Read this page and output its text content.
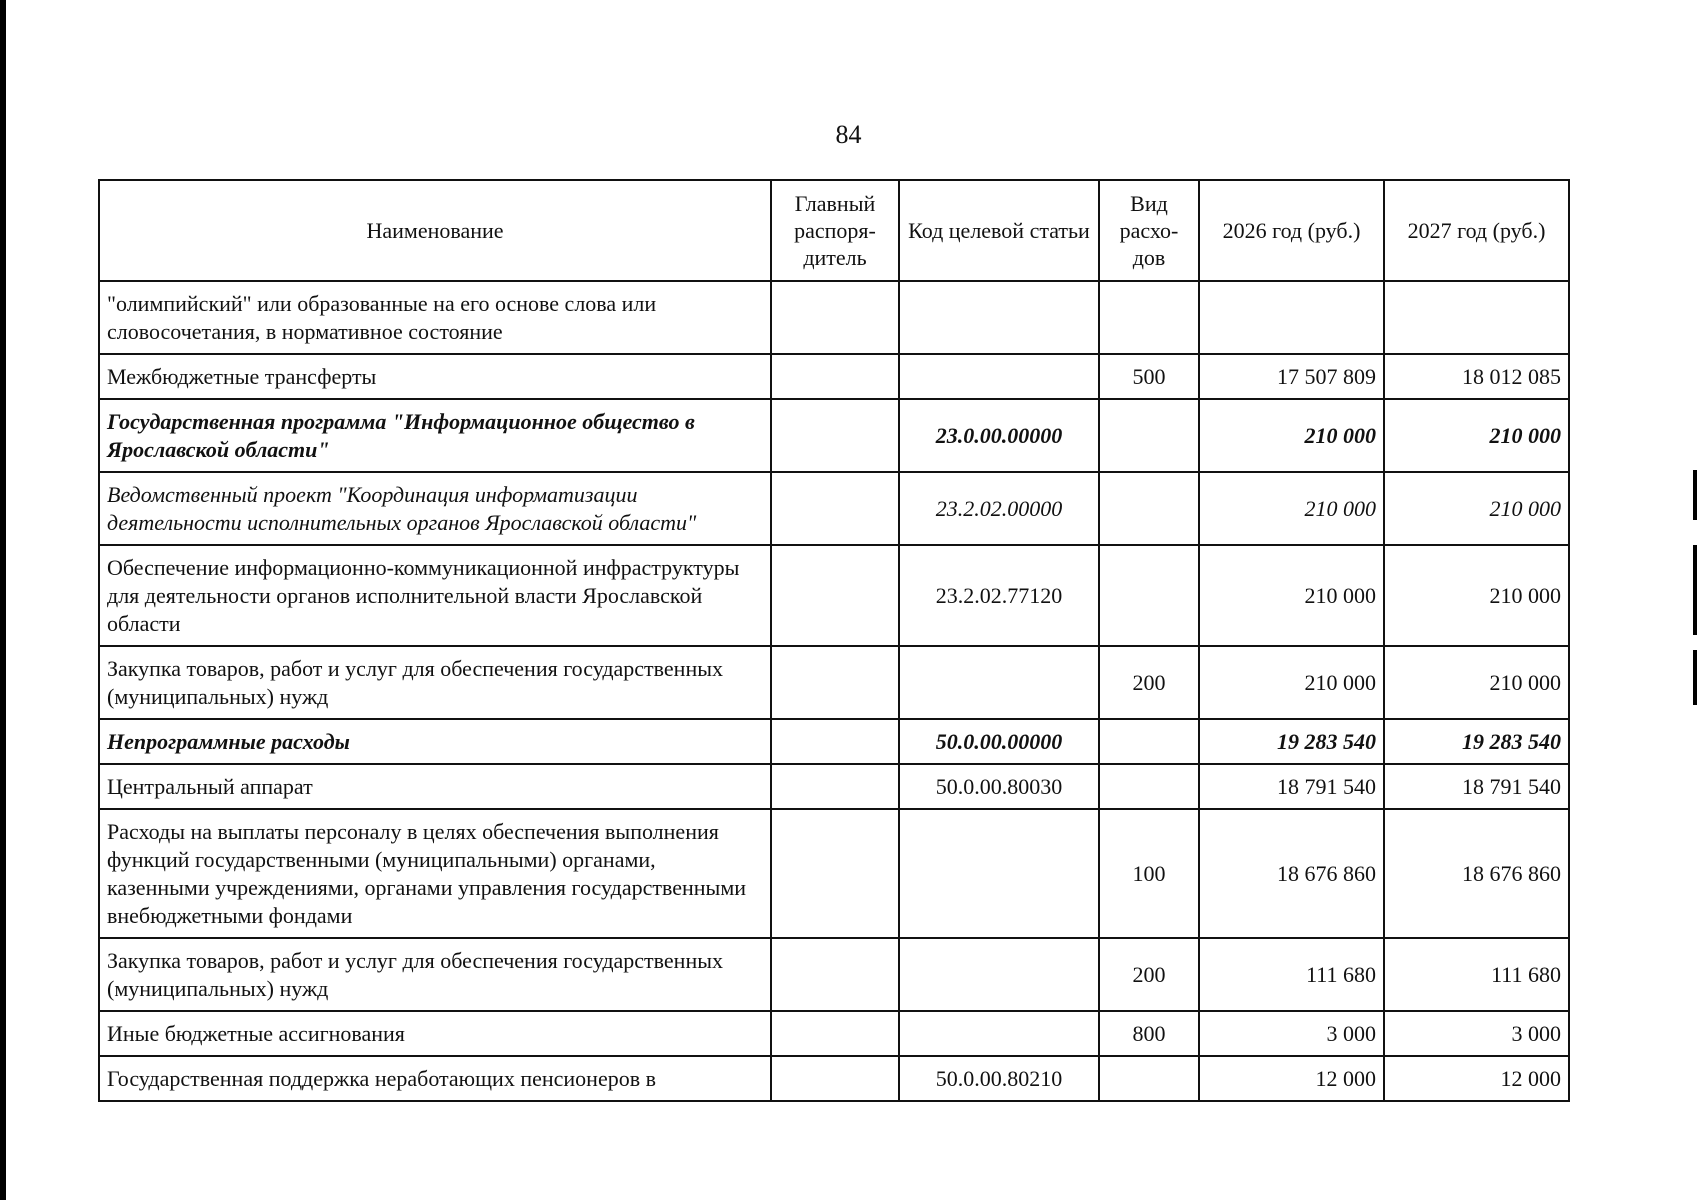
84
Наименование	Главный распоря-дитель	Код целевой статьи	Вид расхо-дов	2026 год (руб.)	2027 год (руб.)
"олимпийский" или образованные на его основе слова или словосочетания, в нормативное состояние					
Межбюджетные трансферты			500	17 507 809	18 012 085
Государственная программа "Информационное общество в Ярославской области"		23.0.00.00000		210 000	210 000
Ведомственный проект "Координация информатизации деятельности исполнительных органов Ярославской области"		23.2.02.00000		210 000	210 000
Обеспечение информационно-коммуникационной инфраструктуры для деятельности органов исполнительной власти Ярославской области		23.2.02.77120		210 000	210 000
Закупка товаров, работ и услуг для обеспечения государственных (муниципальных) нужд			200	210 000	210 000
Непрограммные расходы		50.0.00.00000		19 283 540	19 283 540
Центральный аппарат		50.0.00.80030		18 791 540	18 791 540
Расходы на выплаты персоналу в целях обеспечения выполнения функций государственными (муниципальными) органами, казенными учреждениями, органами управления государственными внебюджетными фондами			100	18 676 860	18 676 860
Закупка товаров, работ и услуг для обеспечения государственных (муниципальных) нужд			200	111 680	111 680
Иные бюджетные ассигнования			800	3 000	3 000
Государственная поддержка неработающих пенсионеров в		50.0.00.80210		12 000	12 000
